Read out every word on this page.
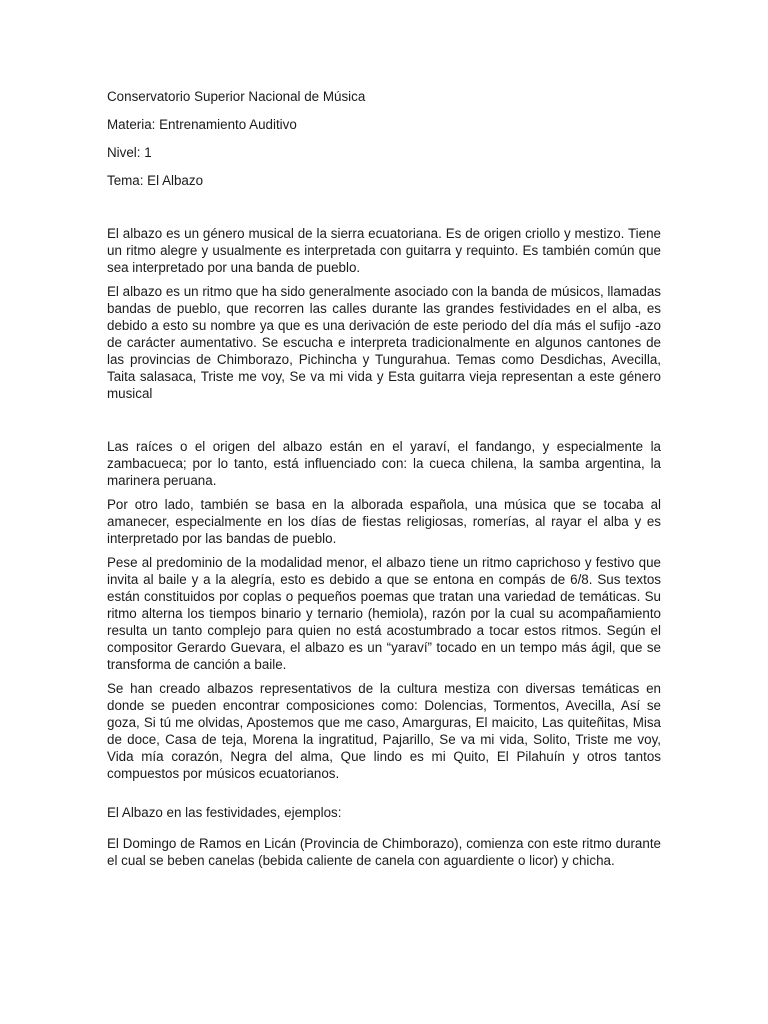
Conservatorio Superior Nacional de Música

Materia: Entrenamiento Auditivo

Nivel: 1

Tema: El Albazo

El albazo es un género musical de la sierra ecuatoriana. Es de origen criollo y mestizo. Tiene un ritmo alegre y usualmente es interpretada con guitarra y requinto. Es también común que sea interpretado por una banda de pueblo.

El albazo es un ritmo que ha sido generalmente asociado con la banda de músicos, llamadas bandas de pueblo, que recorren las calles durante las grandes festividades en el alba, es debido a esto su nombre ya que es una derivación de este periodo del día más el sufijo -azo de carácter aumentativo. Se escucha e interpreta tradicionalmente en algunos cantones de las provincias de Chimborazo, Pichincha y Tungurahua. Temas como Desdichas, Avecilla, Taita salasaca, Triste me voy, Se va mi vida y Esta guitarra vieja representan a este género musical

Las raíces o el origen del albazo están en el yaraví, el fandango, y especialmente la zambacueca; por lo tanto, está influenciado con: la cueca chilena, la samba argentina, la marinera peruana.

Por otro lado, también se basa en la alborada española, una música que se tocaba al amanecer, especialmente en los días de fiestas religiosas, romerías, al rayar el alba y es interpretado por las bandas de pueblo.

Pese al predominio de la modalidad menor, el albazo tiene un ritmo caprichoso y festivo que invita al baile y a la alegría, esto es debido a que se entona en compás de 6/8. Sus textos están constituidos por coplas o pequeños poemas que tratan una variedad de temáticas. Su ritmo alterna los tiempos binario y ternario (hemiola), razón por la cual su acompañamiento resulta un tanto complejo para quien no está acostumbrado a tocar estos ritmos. Según el compositor Gerardo Guevara, el albazo es un “yaraví” tocado en un tempo más ágil, que se transforma de canción a baile.

Se han creado albazos representativos de la cultura mestiza con diversas temáticas en donde se pueden encontrar composiciones como: Dolencias, Tormentos, Avecilla, Así se goza, Si tú me olvidas, Apostemos que me caso, Amarguras, El maicito, Las quiteñitas, Misa de doce, Casa de teja, Morena la ingratitud, Pajarillo, Se va mi vida, Solito, Triste me voy, Vida mía corazón, Negra del alma, Que lindo es mi Quito, El Pilahuín y otros tantos compuestos por músicos ecuatorianos.

El Albazo en las festividades, ejemplos:

El Domingo de Ramos en Licán (Provincia de Chimborazo), comienza con este ritmo durante el cual se beben canelas (bebida caliente de canela con aguardiente o licor) y chicha.
